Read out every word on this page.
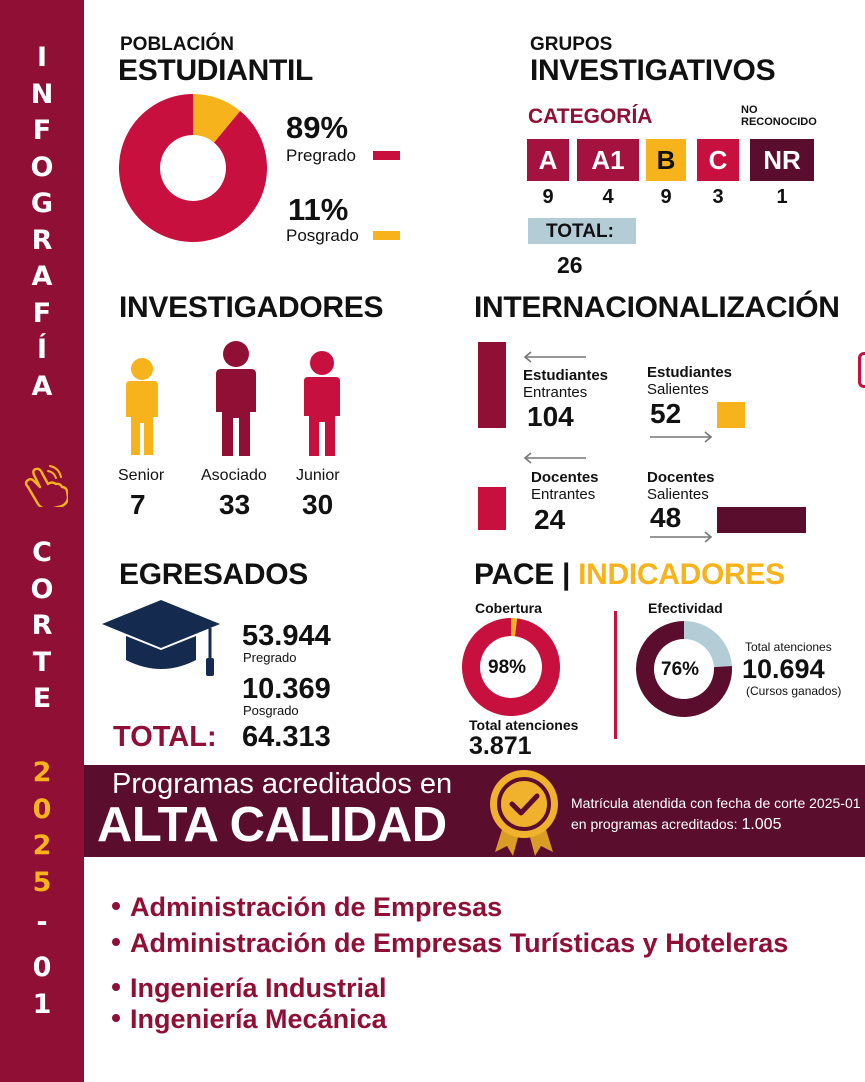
I
N
F
O
G
R
A
F
Í
A
C
O
R
T
E
2
0
2
5
-
0
1
POBLACIÓN
ESTUDIANTIL
89%
Pregrado
11%
Posgrado
GRUPOS
INVESTIGATIVOS
CATEGORÍA	NO
RECONOCIDO
A	A1	B	C	NR
9	4	9	3	1
TOTAL:
26
INVESTIGADORES
Senior Asociado Junior
7	33 30
INTERNACIONALIZACIÓN
Estudiantes
Entrantes
104
Estudiantes
Salientes
52
Docentes
Entrantes
24
Docentes
Salientes
48
EGRESADOS
53.944
Pregrado
10.369
Posgrado
TOTAL: 64.313
PACE | INDICADORES
Cobertura
98%
Total atenciones
3.871
Efectividad
76%
Total atenciones
10.694
(Cursos ganados)
Programas acreditados en
ALTA CALIDAD	Matrícula atendida con fecha de corte 2025-01
en programas acreditados: 1.005
Administración de Empresas
Administración de Empresas Turísticas y Hoteleras
Ingeniería Industrial
Ingeniería Mecánica
